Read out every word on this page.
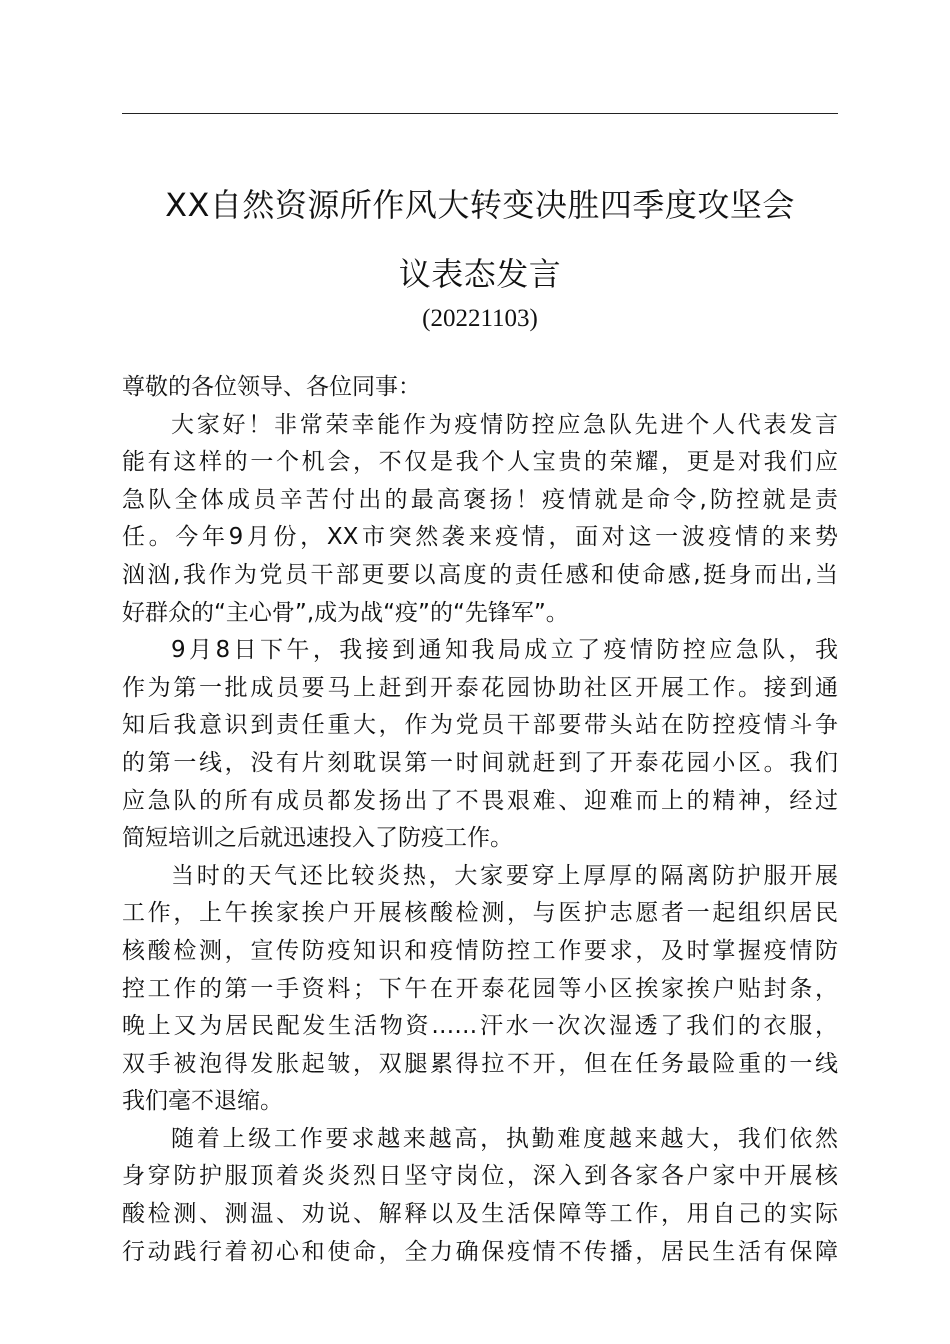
XX自然资源所作风大转变决胜四季度攻坚会
议表态发言
(20221103)
尊敬的各位领导、各位同事：
大家好！非常荣幸能作为疫情防控应急队先进个人代表发言
能有这样的一个机会，不仅是我个人宝贵的荣耀，更是对我们应
急队全体成员辛苦付出的最高褒扬！疫情就是命令,防控就是责
任。今年9月份，XX市突然袭来疫情，面对这一波疫情的来势
汹汹,我作为党员干部更要以高度的责任感和使命感,挺身而出,当
好群众的“主心骨”,成为战“疫”的“先锋军”。
9月8日下午，我接到通知我局成立了疫情防控应急队，我
作为第一批成员要马上赶到开泰花园协助社区开展工作。接到通
知后我意识到责任重大，作为党员干部要带头站在防控疫情斗争
的第一线，没有片刻耽误第一时间就赶到了开泰花园小区。我们
应急队的所有成员都发扬出了不畏艰难、迎难而上的精神，经过
简短培训之后就迅速投入了防疫工作。
当时的天气还比较炎热，大家要穿上厚厚的隔离防护服开展
工作，上午挨家挨户开展核酸检测，与医护志愿者一起组织居民
核酸检测，宣传防疫知识和疫情防控工作要求，及时掌握疫情防
控工作的第一手资料；下午在开泰花园等小区挨家挨户贴封条，
晚上又为居民配发生活物资……汗水一次次湿透了我们的衣服，
双手被泡得发胀起皱，双腿累得拉不开，但在任务最险重的一线
我们毫不退缩。
随着上级工作要求越来越高，执勤难度越来越大，我们依然
身穿防护服顶着炎炎烈日坚守岗位，深入到各家各户家中开展核
酸检测、测温、劝说、解释以及生活保障等工作，用自己的实际
行动践行着初心和使命，全力确保疫情不传播，居民生活有保障
